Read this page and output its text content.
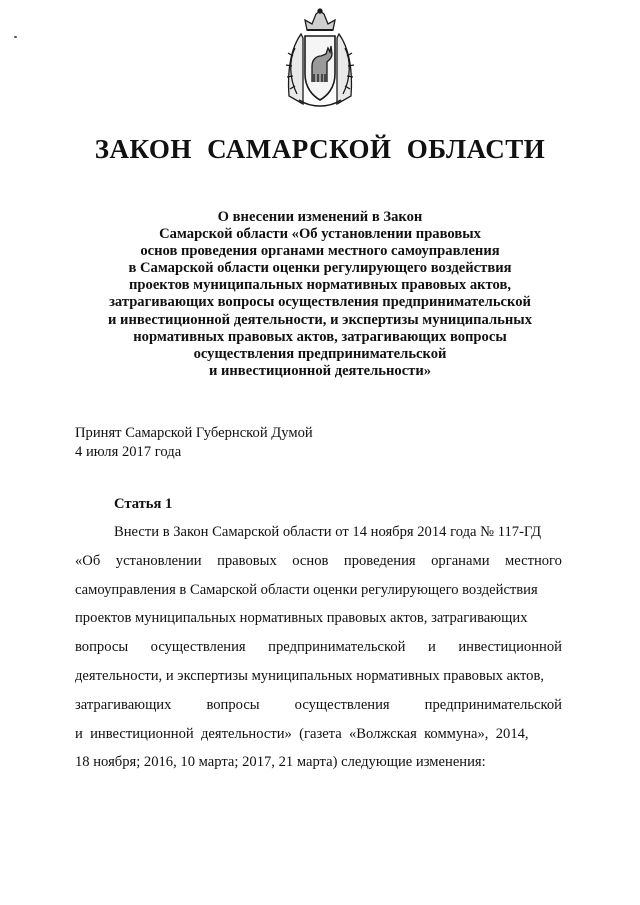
ЗАКОН САМАРСКОЙ ОБЛАСТИ
О внесении изменений в Закон
Самарской области «Об установлении правовых
основ проведения органами местного самоуправления
в Самарской области оценки регулирующего воздействия
проектов муниципальных нормативных правовых актов,
затрагивающих вопросы осуществления предпринимательской
и инвестиционной деятельности, и экспертизы муниципальных
нормативных правовых актов, затрагивающих вопросы
осуществления предпринимательской
и инвестиционной деятельности»
Принят Самарской Губернской Думой
4 июля 2017 года
Статья 1
Внести в Закон Самарской области от 14 ноября 2014 года № 117-ГД
«Об установлении правовых основ проведения органами местного
самоуправления в Самарской области оценки регулирующего воздействия
проектов муниципальных нормативных правовых актов, затрагивающих
вопросы осуществления предпринимательской и инвестиционной
деятельности, и экспертизы муниципальных нормативных правовых актов,
затрагивающих вопросы осуществления предпринимательской
и  инвестиционной  деятельности»  (газета  «Волжская  коммуна»,  2014,
18 ноября; 2016, 10 марта; 2017, 21 марта) следующие изменения:
